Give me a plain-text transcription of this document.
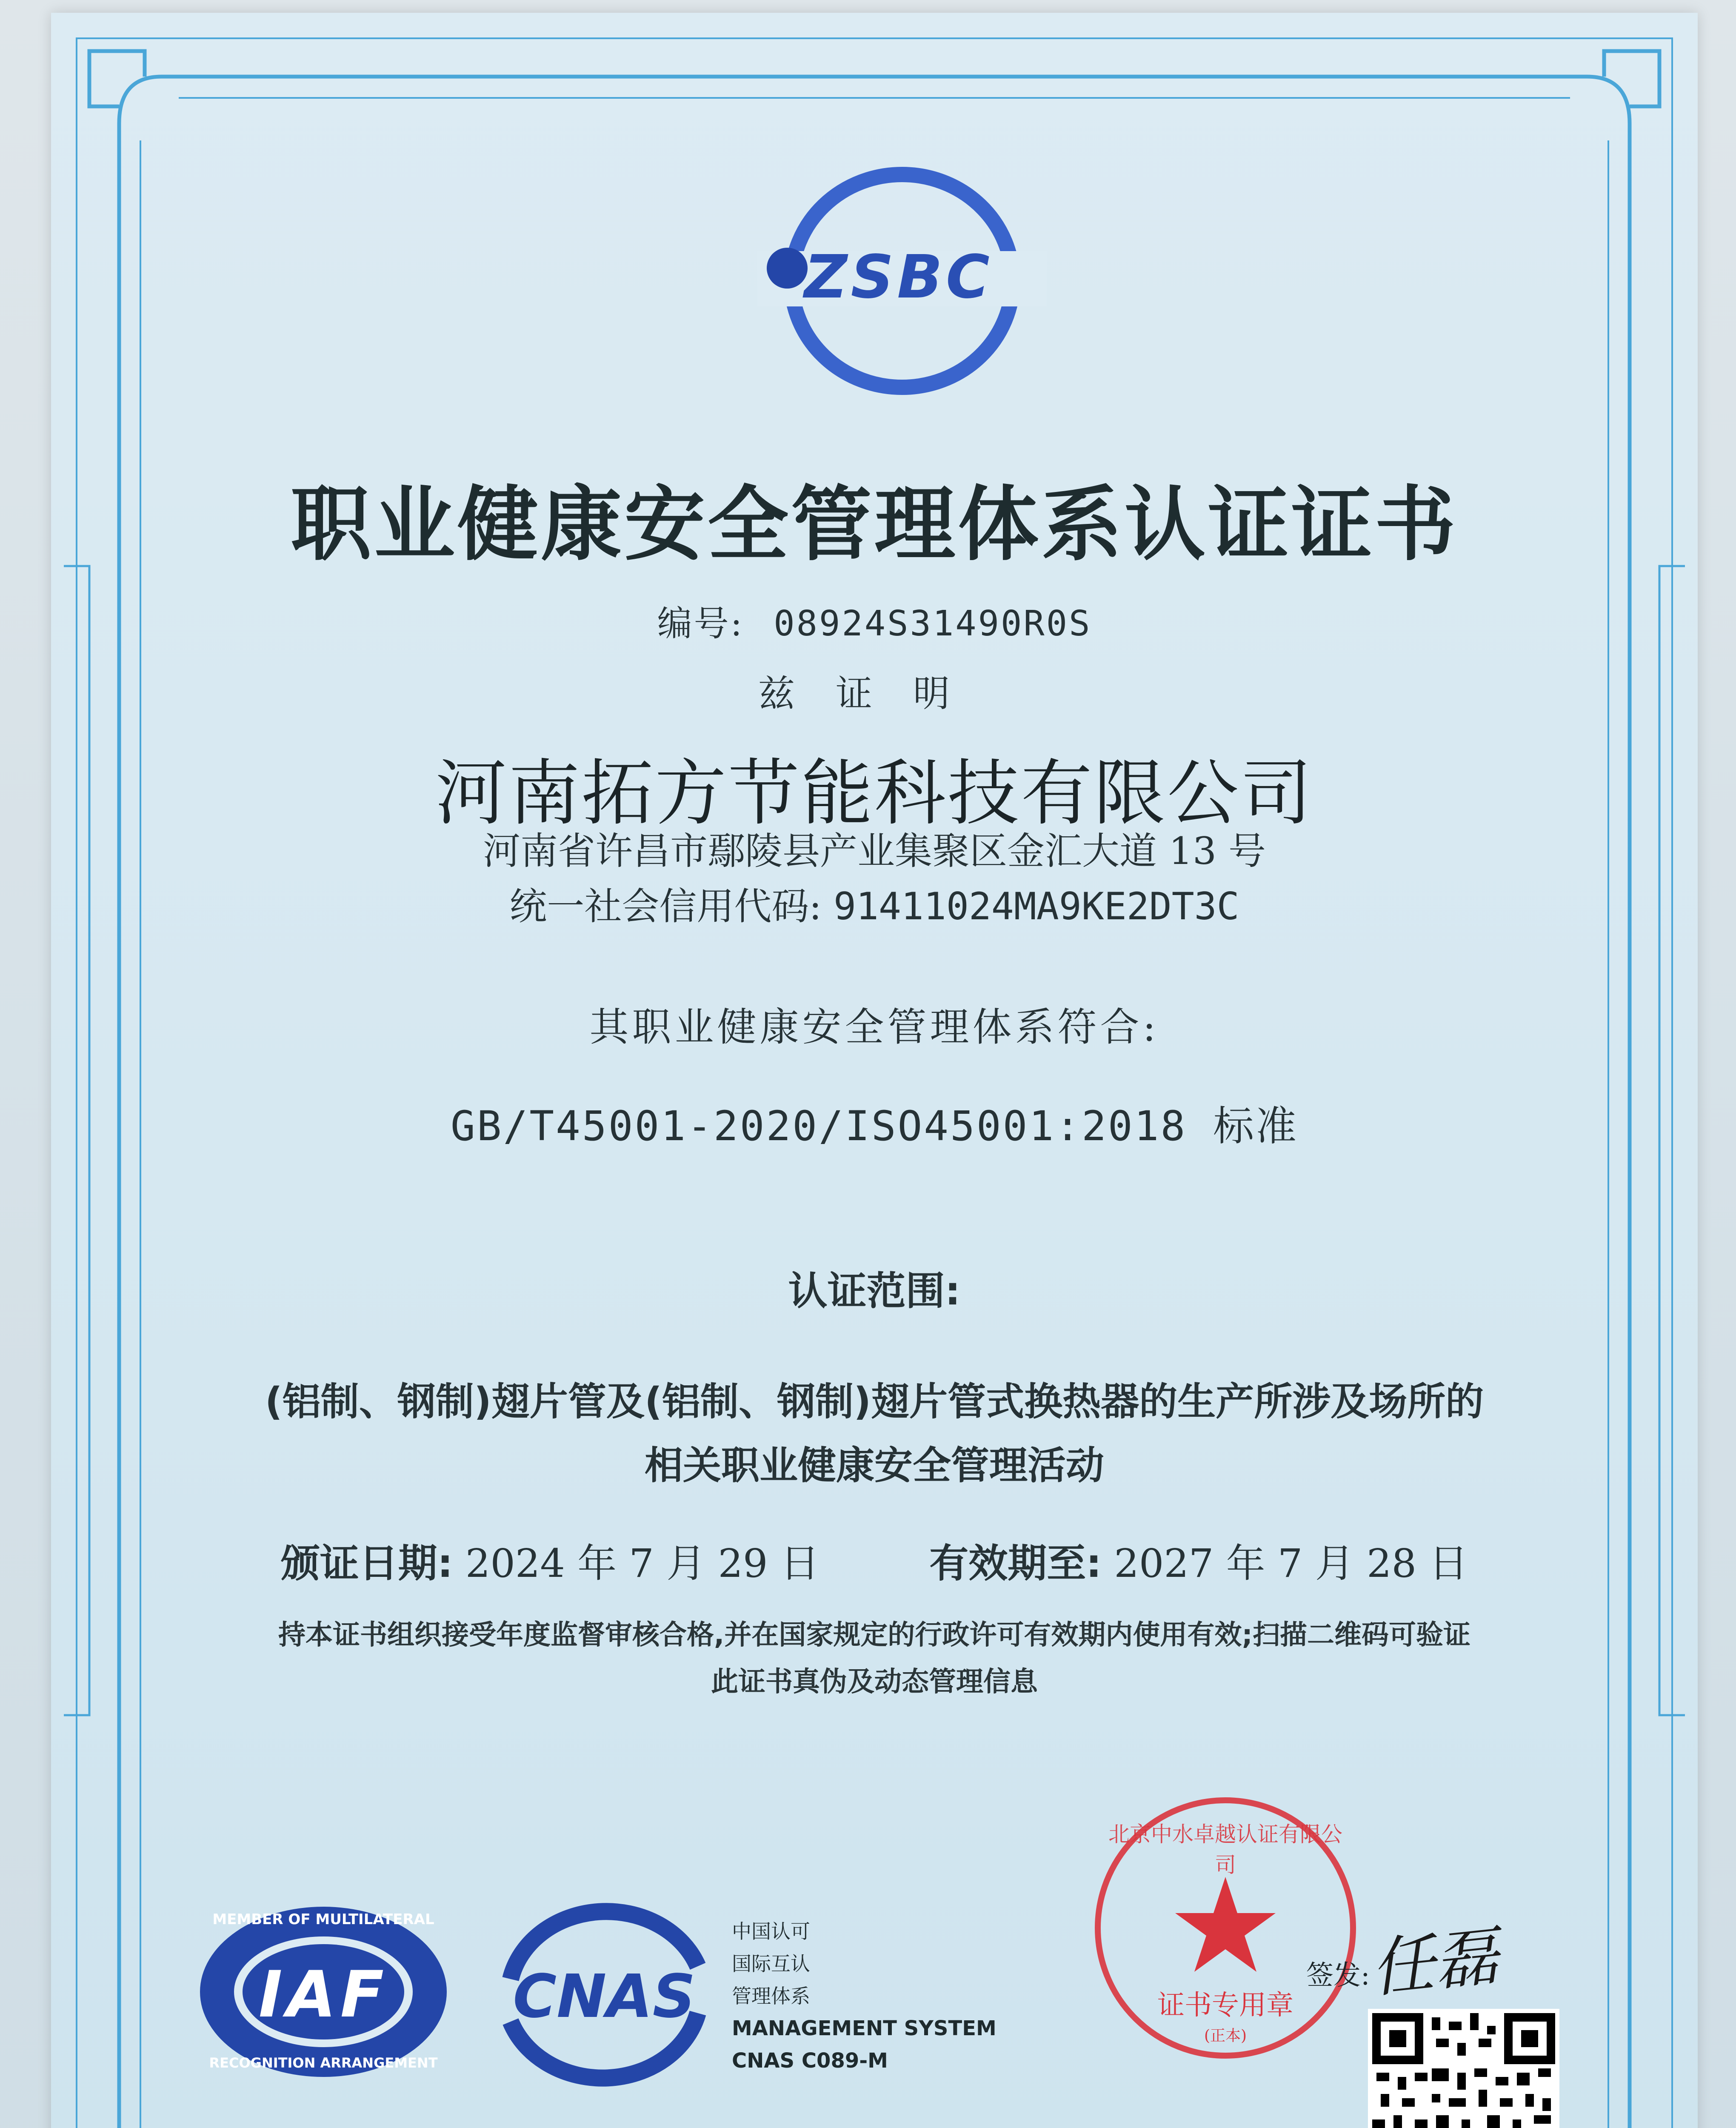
ZSBC
职业健康安全管理体系认证证书
编号: 08924S31490R0S
兹证明
河南拓方节能科技有限公司
河南省许昌市鄢陵县产业集聚区金汇大道 13 号
统一社会信用代码: 91411024MA9KE2DT3C
其职业健康安全管理体系符合:
GB/T45001-2020/ISO45001:2018 标准
认证范围:
(铝制、钢制)翅片管及(铝制、钢制)翅片管式换热器的生产所涉及场所的
相关职业健康安全管理活动
颁证日期: 2024 年 7 月 29 日	有效期至: 2027 年 7 月 28 日
持本证书组织接受年度监督审核合格,并在国家规定的行政许可有效期内使用有效;扫描二维码可验证
此证书真伪及动态管理信息
MEMBER OF MULTILATERAL
IAF
RECOGNITION ARRANGEMENT
CNAS
中国认可
国际互认
管理体系
MANAGEMENT SYSTEM
CNAS C089-M
北京中水卓越认证有限公司
证书专用章
(正本)
签发:
任磊
